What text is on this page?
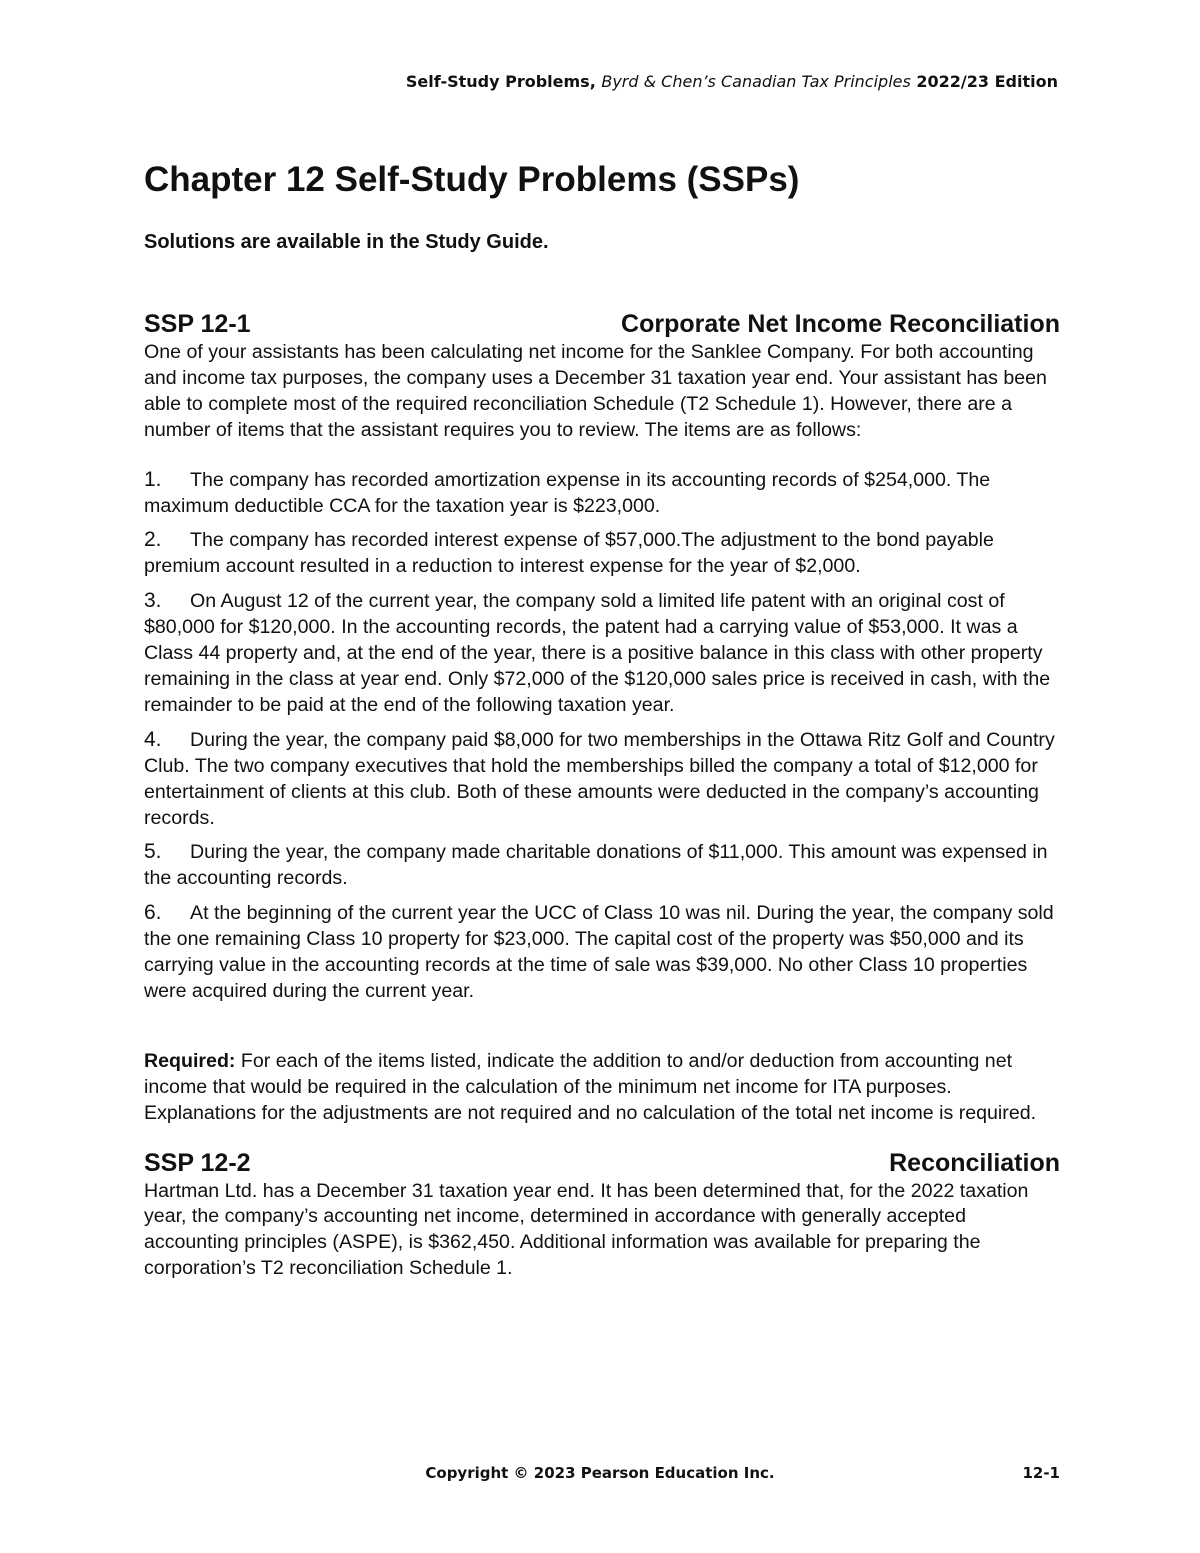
Self-Study Problems, Byrd & Chen’s Canadian Tax Principles 2022/23 Edition
Chapter 12 Self-Study Problems (SSPs)
Solutions are available in the Study Guide.
SSP 12-1	Corporate Net Income Reconciliation

One of your assistants has been calculating net income for the Sanklee Company. For both accounting and income tax purposes, the company uses a December 31 taxation year end. Your assistant has been able to complete most of the required reconciliation Schedule (T2 Schedule 1). However, there are a number of items that the assistant requires you to review. The items are as follows:

1. The company has recorded amortization expense in its accounting records of $254,000. The maximum deductible CCA for the taxation year is $223,000.
2. The company has recorded interest expense of $57,000.The adjustment to the bond payable premium account resulted in a reduction to interest expense for the year of $2,000.
3. On August 12 of the current year, the company sold a limited life patent with an original cost of $80,000 for $120,000. In the accounting records, the patent had a carrying value of $53,000. It was a Class 44 property and, at the end of the year, there is a positive balance in this class with other property remaining in the class at year end. Only $72,000 of the $120,000 sales price is received in cash, with the remainder to be paid at the end of the following taxation year.
4. During the year, the company paid $8,000 for two memberships in the Ottawa Ritz Golf and Country Club. The two company executives that hold the memberships billed the company a total of $12,000 for entertainment of clients at this club. Both of these amounts were deducted in the company’s accounting records.
5. During the year, the company made charitable donations of $11,000. This amount was expensed in the accounting records.
6. At the beginning of the current year the UCC of Class 10 was nil. During the year, the company sold the one remaining Class 10 property for $23,000. The capital cost of the property was $50,000 and its carrying value in the accounting records at the time of sale was $39,000. No other Class 10 properties were acquired during the current year.

Required: For each of the items listed, indicate the addition to and/or deduction from accounting net income that would be required in the calculation of the minimum net income for ITA purposes. Explanations for the adjustments are not required and no calculation of the total net income is required.

SSP 12-2	Reconciliation

Hartman Ltd. has a December 31 taxation year end. It has been determined that, for the 2022 taxation year, the company’s accounting net income, determined in accordance with generally accepted accounting principles (ASPE), is $362,450. Additional information was available for preparing the corporation’s T2 reconciliation Schedule 1.

Copyright © 2023 Pearson Education Inc.	12-1
